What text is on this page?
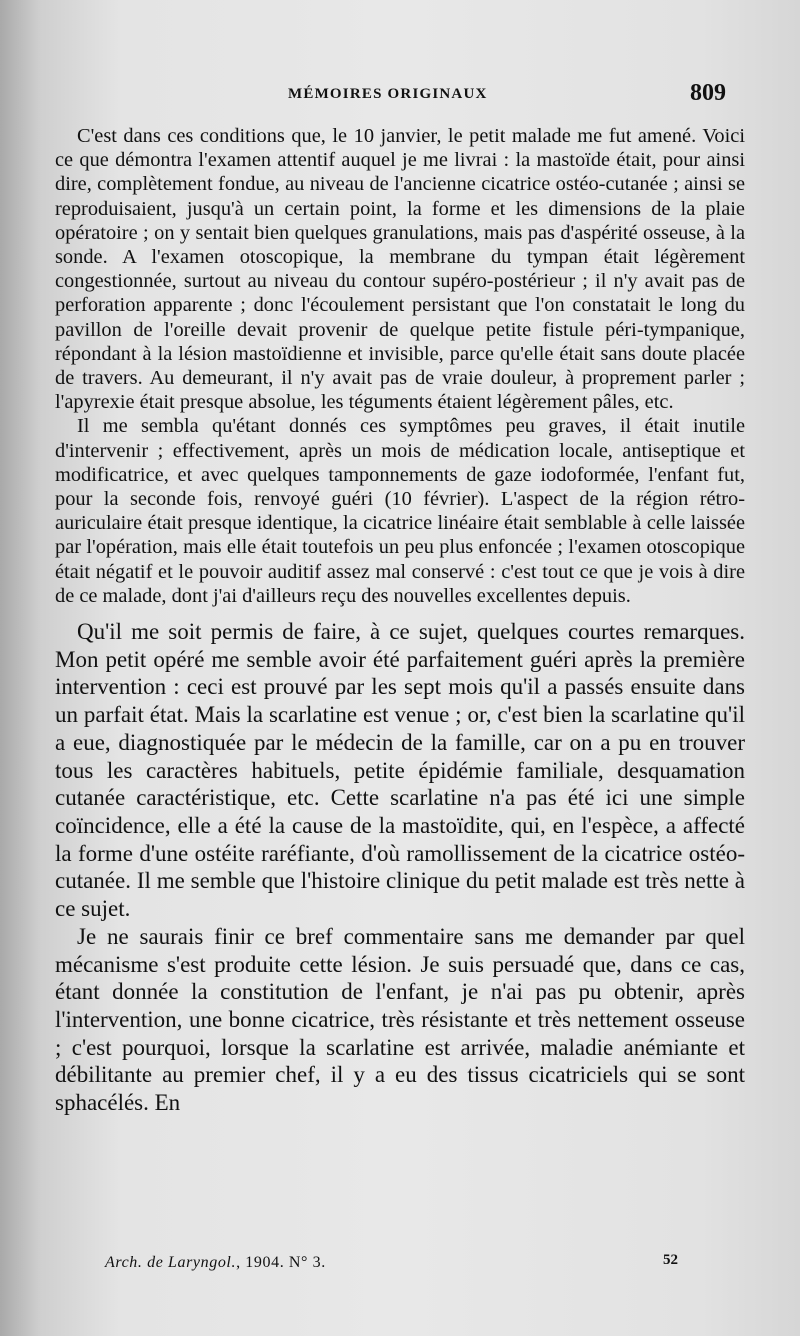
MÉMOIRES ORIGINAUX	809

C'est dans ces conditions que, le 10 janvier, le petit malade me fut amené. Voici ce que démontra l'examen attentif auquel je me livrai : la mastoïde était, pour ainsi dire, complètement fondue, au niveau de l'ancienne cicatrice ostéo-cutanée ; ainsi se reproduisaient, jusqu'à un certain point, la forme et les dimensions de la plaie opératoire ; on y sentait bien quelques granulations, mais pas d'aspérité osseuse, à la sonde. A l'examen otoscopique, la membrane du tympan était légèrement congestionnée, surtout au niveau du contour supéro-postérieur ; il n'y avait pas de perforation apparente ; donc l'écoulement persistant que l'on constatait le long du pavillon de l'oreille devait provenir de quelque petite fistule péri-tympanique, répondant à la lésion mastoïdienne et invisible, parce qu'elle était sans doute placée de travers. Au demeurant, il n'y avait pas de vraie douleur, à proprement parler ; l'apyrexie était presque absolue, les téguments étaient légèrement pâles, etc.

Il me sembla qu'étant donnés ces symptômes peu graves, il était inutile d'intervenir ; effectivement, après un mois de médication locale, antiseptique et modificatrice, et avec quelques tamponnements de gaze iodoformée, l'enfant fut, pour la seconde fois, renvoyé guéri (10 février). L'aspect de la région rétro-auriculaire était presque identique, la cicatrice linéaire était semblable à celle laissée par l'opération, mais elle était toutefois un peu plus enfoncée ; l'examen otoscopique était négatif et le pouvoir auditif assez mal conservé : c'est tout ce que je vois à dire de ce malade, dont j'ai d'ailleurs reçu des nouvelles excellentes depuis.

Qu'il me soit permis de faire, à ce sujet, quelques courtes remarques. Mon petit opéré me semble avoir été parfaitement guéri après la première intervention : ceci est prouvé par les sept mois qu'il a passés ensuite dans un parfait état. Mais la scarlatine est venue ; or, c'est bien la scarlatine qu'il a eue, diagnostiquée par le médecin de la famille, car on a pu en trouver tous les caractères habituels, petite épidémie familiale, desquamation cutanée caractéristique, etc. Cette scarlatine n'a pas été ici une simple coïncidence, elle a été la cause de la mastoïdite, qui, en l'espèce, a affecté la forme d'une ostéite raréfiante, d'où ramollissement de la cicatrice ostéo-cutanée. Il me semble que l'histoire clinique du petit malade est très nette à ce sujet.

Je ne saurais finir ce bref commentaire sans me demander par quel mécanisme s'est produite cette lésion. Je suis persuadé que, dans ce cas, étant donnée la constitution de l'enfant, je n'ai pas pu obtenir, après l'intervention, une bonne cicatrice, très résistante et très nettement osseuse ; c'est pourquoi, lorsque la scarlatine est arrivée, maladie anémiante et débilitante au premier chef, il y a eu des tissus cicatriciels qui se sont sphacélés. En

Arch. de Laryngol., 1904. N° 3.	52
